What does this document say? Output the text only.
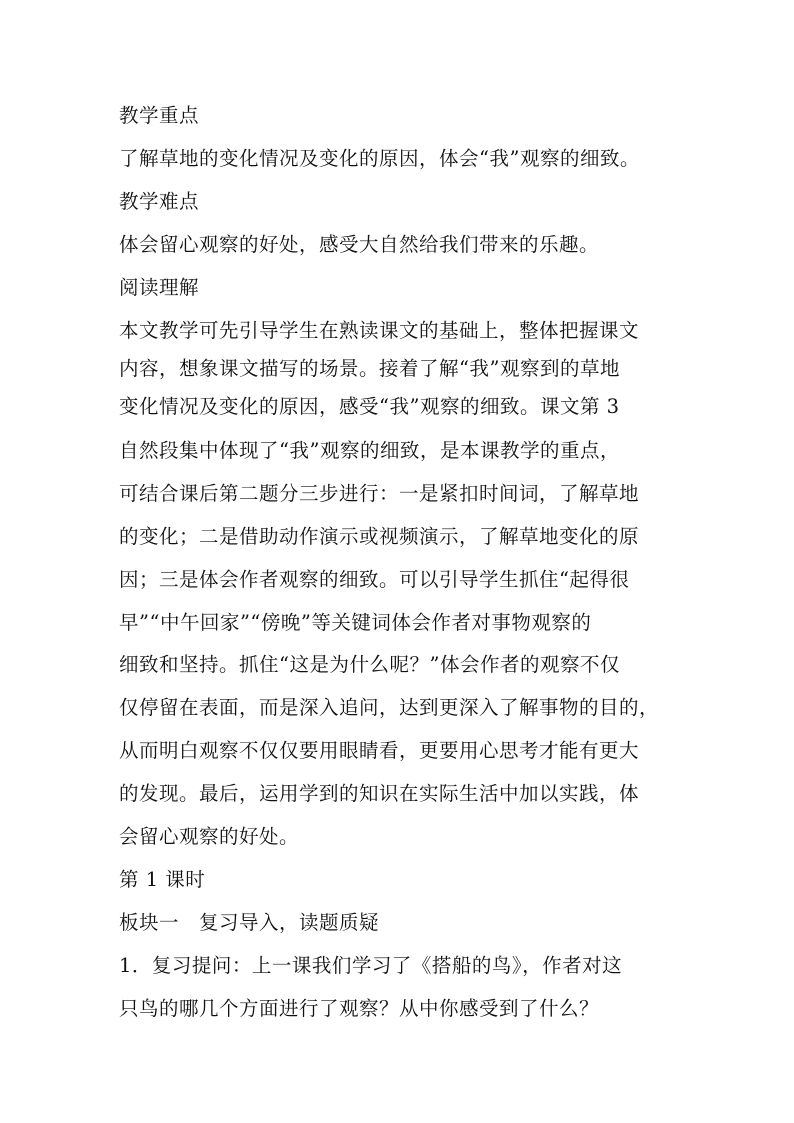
教学重点
了解草地的变化情况及变化的原因，体会“我”观察的细致。
教学难点
体会留心观察的好处，感受大自然给我们带来的乐趣。
阅读理解
本文教学可先引导学生在熟读课文的基础上，整体把握课文
内容，想象课文描写的场景。接着了解“我”观察到的草地
变化情况及变化的原因，感受“我”观察的细致。课文第 3
自然段集中体现了“我”观察的细致，是本课教学的重点，
可结合课后第二题分三步进行：一是紧扣时间词，了解草地
的变化；二是借助动作演示或视频演示，了解草地变化的原
因；三是体会作者观察的细致。可以引导学生抓住“起得很
早”“中午回家”“傍晚”等关键词体会作者对事物观察的
细致和坚持。抓住“这是为什么呢？”体会作者的观察不仅
仅停留在表面，而是深入追问，达到更深入了解事物的目的，
从而明白观察不仅仅要用眼睛看，更要用心思考才能有更大
的发现。最后，运用学到的知识在实际生活中加以实践，体
会留心观察的好处。
第 1 课时
板块一　复习导入，读题质疑
1．复习提问：上一课我们学习了《搭船的鸟》，作者对这
只鸟的哪几个方面进行了观察？从中你感受到了什么？
